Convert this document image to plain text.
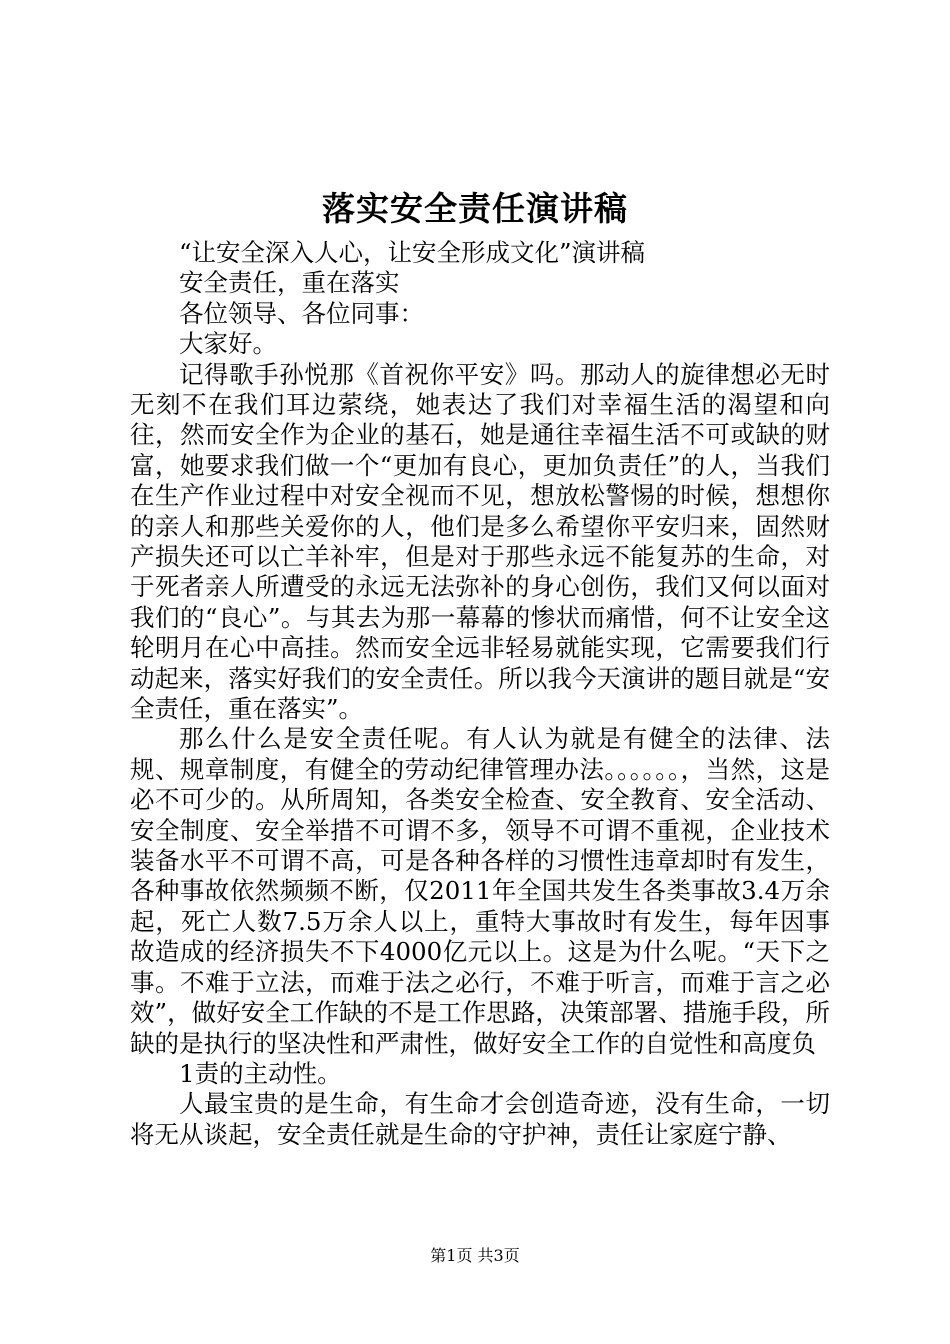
落实安全责任演讲稿
“让安全深入人心，让安全形成文化”演讲稿
安全责任，重在落实
各位领导、各位同事：
大家好。

记得歌手孙悦那《首祝你平安》吗。那动人的旋律想必无时无刻不在我们耳边萦绕，她表达了我们对幸福生活的渴望和向往，然而安全作为企业的基石，她是通往幸福生活不可或缺的财富，她要求我们做一个“更加有良心，更加负责任”的人，当我们在生产作业过程中对安全视而不见，想放松警惕的时候，想想你的亲人和那些关爱你的人，他们是多么希望你平安归来，固然财产损失还可以亡羊补牢，但是对于那些永远不能复苏的生命，对于死者亲人所遭受的永远无法弥补的身心创伤，我们又何以面对我们的“良心”。与其去为那一幕幕的惨状而痛惜，何不让安全这轮明月在心中高挂。然而安全远非轻易就能实现，它需要我们行动起来，落实好我们的安全责任。所以我今天演讲的题目就是“安全责任，重在落实”。

那么什么是安全责任呢。有人认为就是有健全的法律、法规、规章制度，有健全的劳动纪律管理办法。。。。。。，当然，这是必不可少的。从所周知，各类安全检查、安全教育、安全活动、安全制度、安全举措不可谓不多，领导不可谓不重视，企业技术装备水平不可谓不高，可是各种各样的习惯性违章却时有发生，各种事故依然频频不断，仅2011年全国共发生各类事故3.4万余起，死亡人数7.5万余人以上，重特大事故时有发生，每年因事故造成的经济损失不下4000亿元以上。这是为什么呢。“天下之事。不难于立法，而难于法之必行，不难于听言，而难于言之必效”，做好安全工作缺的不是工作思路，决策部署、措施手段，所缺的是执行的坚决性和严肃性，做好安全工作的自觉性和高度负

1责的主动性。

人最宝贵的是生命，有生命才会创造奇迹，没有生命，一切将无从谈起，安全责任就是生命的守护神，责任让家庭宁静、

第1页 共3页
